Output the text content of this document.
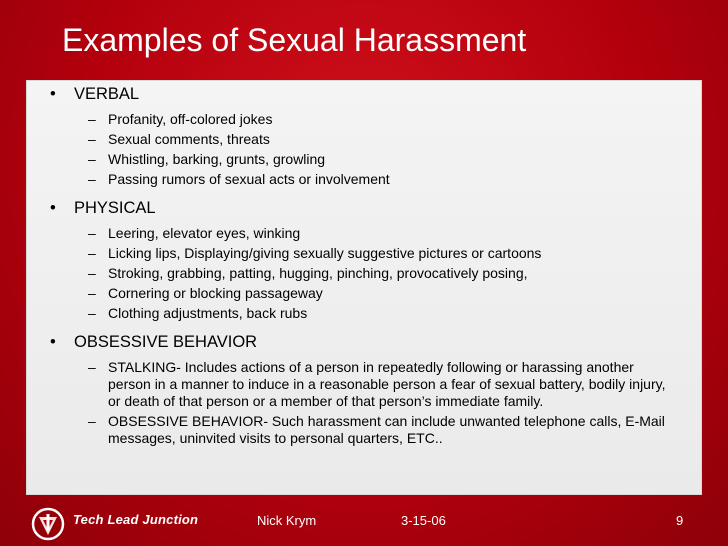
Examples of Sexual Harassment
• VERBAL
– Profanity, off-colored jokes
– Sexual comments, threats
– Whistling, barking, grunts, growling
– Passing rumors of sexual acts or involvement
• PHYSICAL
– Leering, elevator eyes, winking
– Licking lips, Displaying/giving sexually suggestive pictures or cartoons
– Stroking, grabbing, patting, hugging, pinching, provocatively posing,
– Cornering or blocking passageway
– Clothing adjustments, back rubs
• OBSESSIVE BEHAVIOR
– STALKING- Includes actions of a person in repeatedly following or harassing another person in a manner to induce in a reasonable person a fear of sexual battery, bodily injury, or death of that person or a member of that person’s immediate family.
– OBSESSIVE BEHAVIOR- Such harassment can include unwanted telephone calls, E-Mail messages, uninvited visits to personal quarters, ETC..
Tech Lead Junction	Nick Krym	3-15-06	9
